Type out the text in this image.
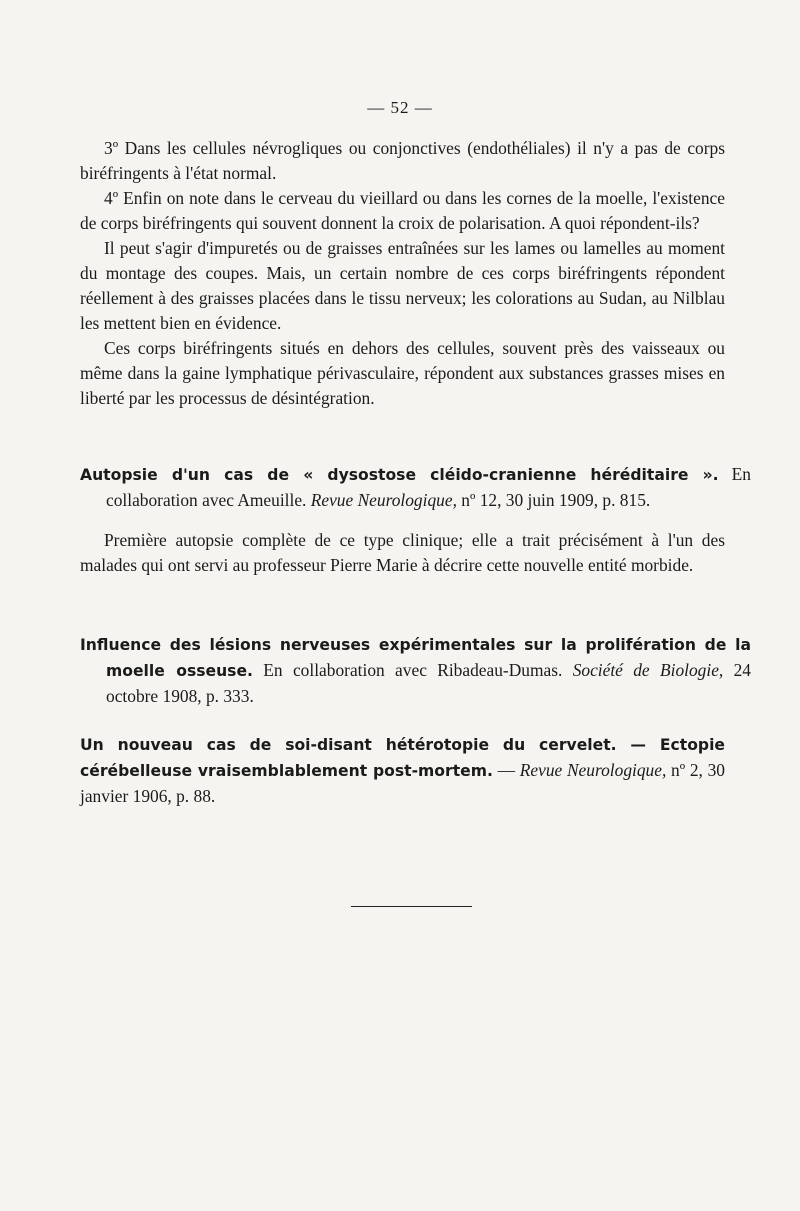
— 52 —

3º Dans les cellules névrogliques ou conjonctives (endothéliales) il n'y a pas de corps biréfringents à l'état normal.

4º Enfin on note dans le cerveau du vieillard ou dans les cornes de la moelle, l'existence de corps biréfringents qui souvent donnent la croix de polarisation. A quoi répondent-ils?

Il peut s'agir d'impuretés ou de graisses entraînées sur les lames ou lamelles au moment du montage des coupes. Mais, un certain nombre de ces corps biréfringents répondent réellement à des graisses placées dans le tissu nerveux; les colorations au Sudan, au Nilblau les mettent bien en évidence.

Ces corps biréfringents situés en dehors des cellules, souvent près des vaisseaux ou même dans la gaine lymphatique périvasculaire, répondent aux substances grasses mises en liberté par les processus de désintégration.

Autopsie d'un cas de « dysostose cléido-cranienne héréditaire ». En collaboration avec Ameuille. Revue Neurologique, nº 12, 30 juin 1909, p. 815.

Première autopsie complète de ce type clinique; elle a trait précisément à l'un des malades qui ont servi au professeur Pierre Marie à décrire cette nouvelle entité morbide.

Influence des lésions nerveuses expérimentales sur la prolifération de la moelle osseuse. En collaboration avec Ribadeau-Dumas. Société de Biologie, 24 octobre 1908, p. 333.
Un nouveau cas de soi-disant hétérotopie du cervelet. — Ectopie cérébelleuse vraisemblablement post-mortem. — Revue Neurologique, nº 2, 30 janvier 1906, p. 88.
